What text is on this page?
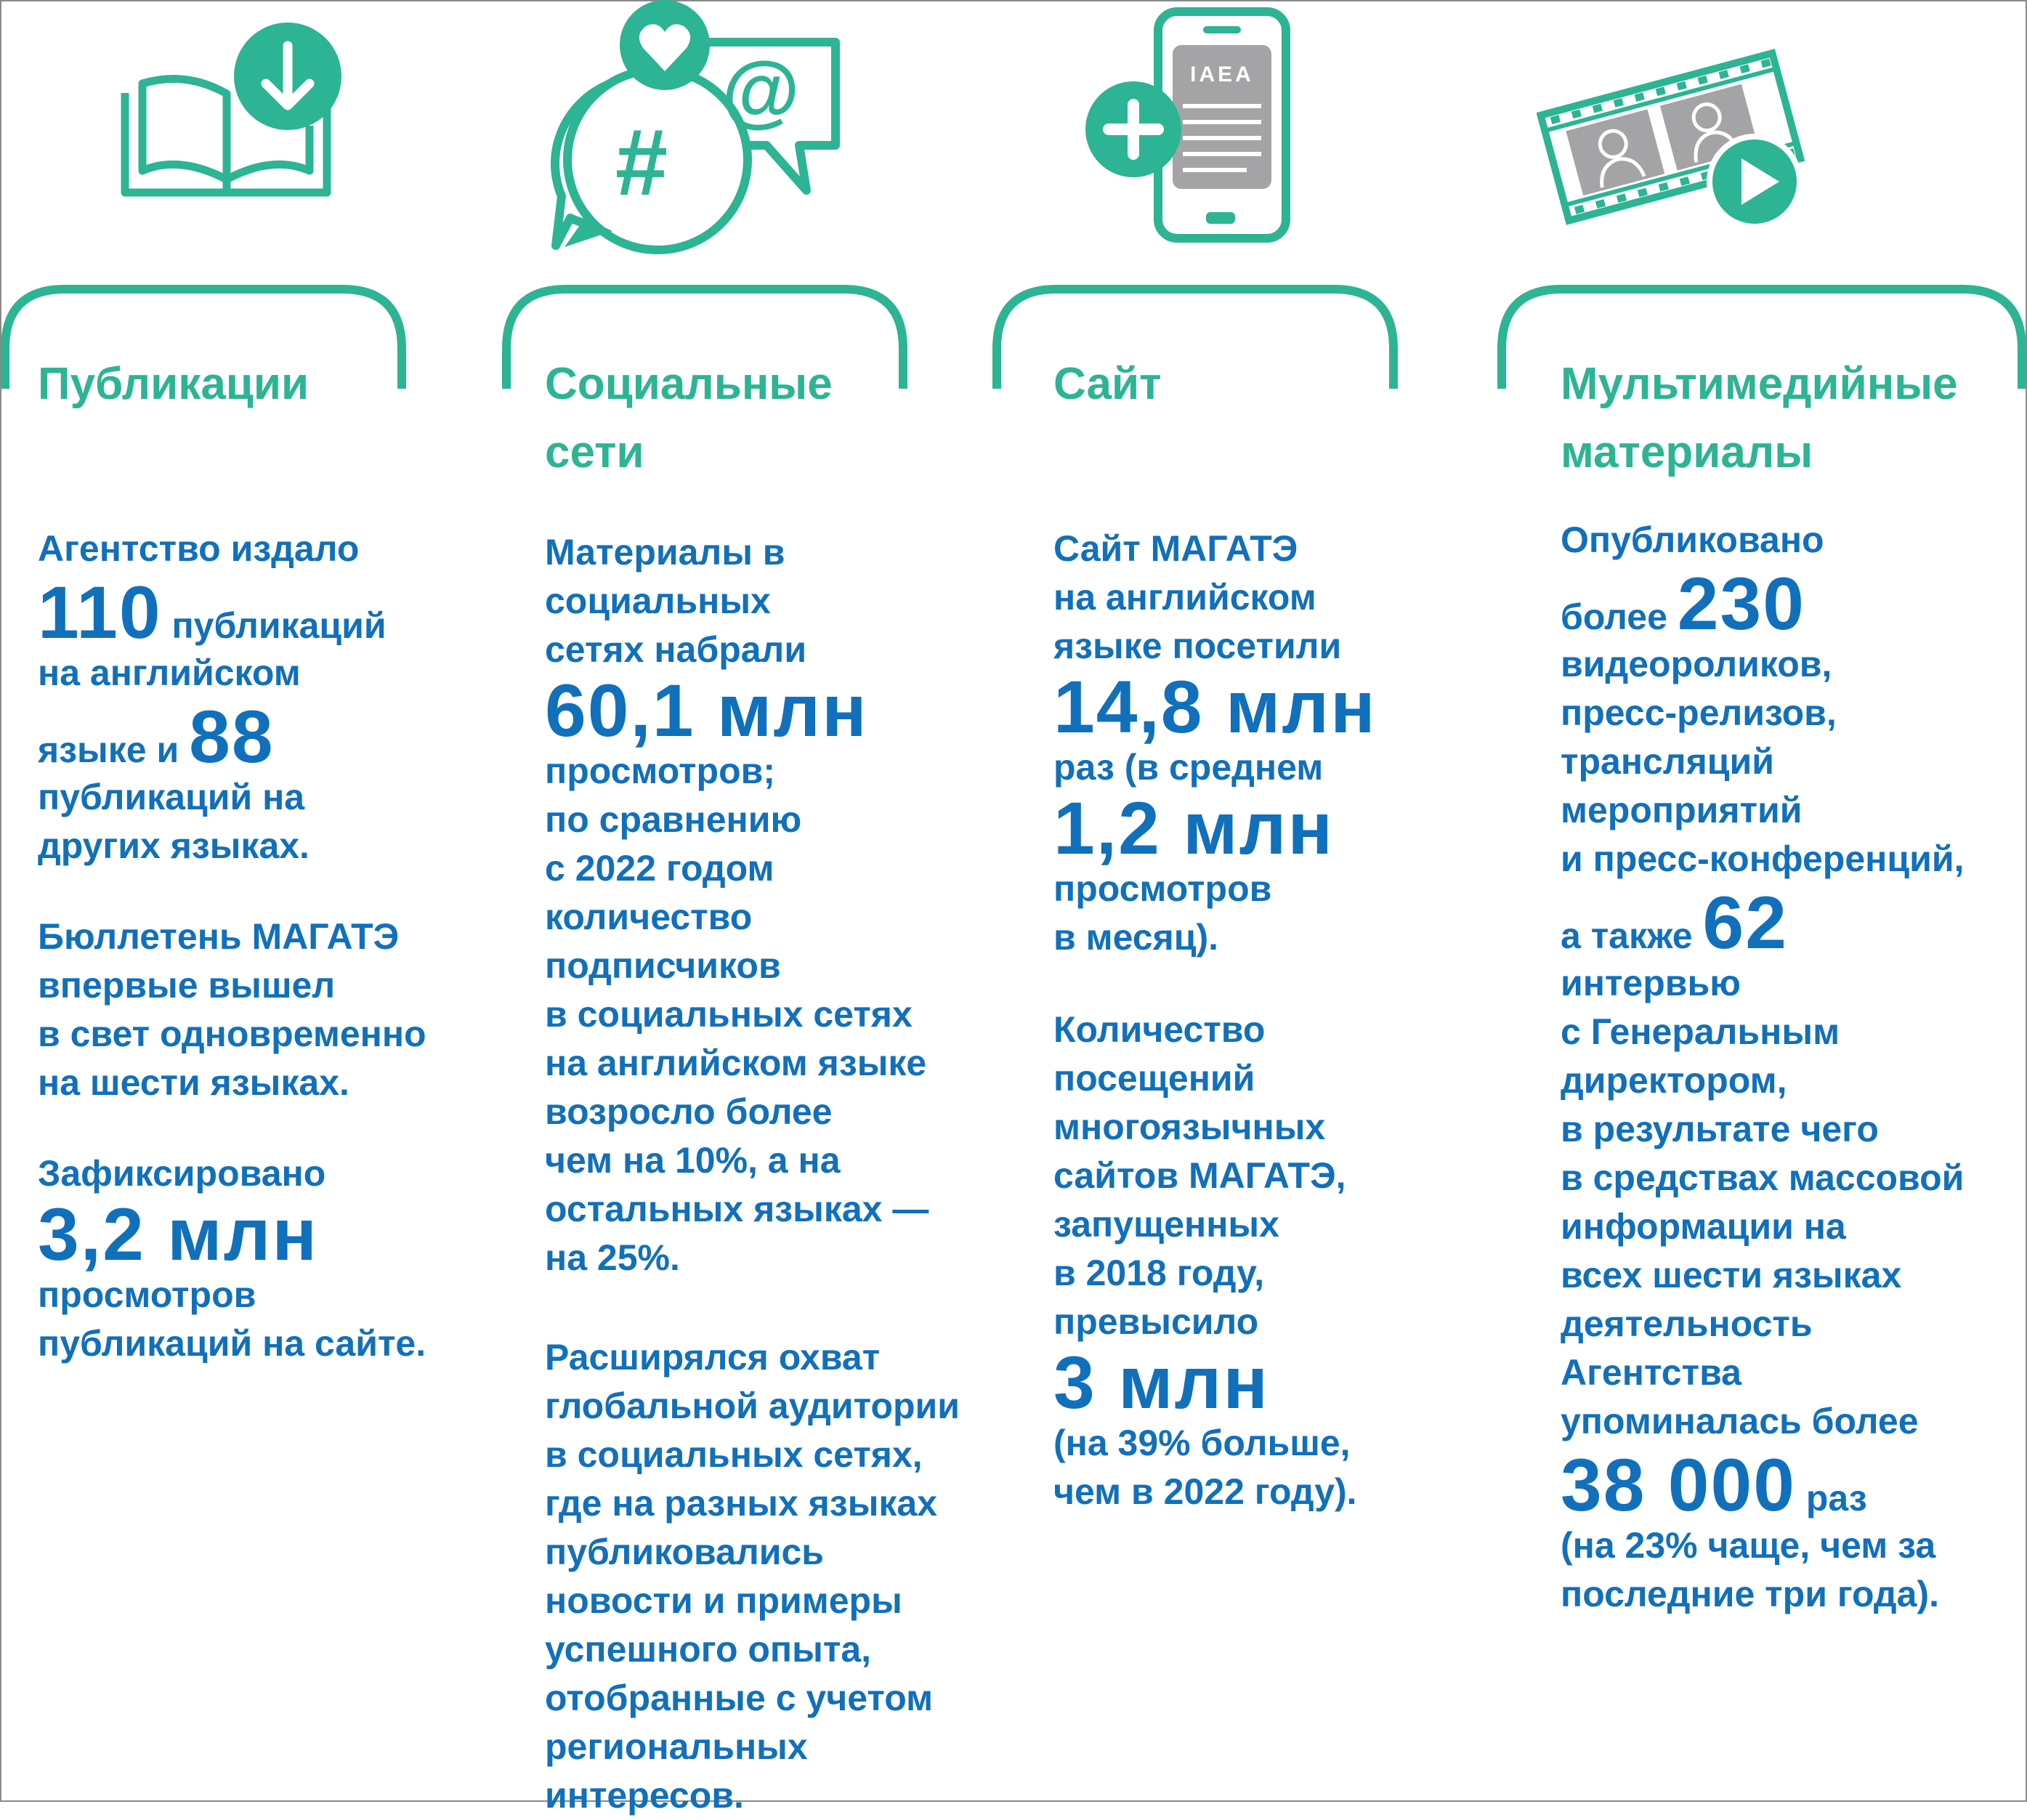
@
#
IAEA
Публикации	Социальные
сети
Сайт	Мультимедийные
материалы

Агентство издало
110 публикаций
на английском
языке и 88
публикаций на
других языках.

Бюллетень МАГАТЭ
впервые вышел
в свет одновременно
на шести языках.

Зафиксировано
3,2 млн
просмотров
публикаций на сайте.

Материалы в
социальных
сетях набрали
60,1 млн
просмотров;
по сравнению
с 2022 годом
количество
подписчиков
в социальных сетях
на английском языке
возросло более
чем на 10%, а на
остальных языках —
на 25%.

Расширялся охват
глобальной аудитории
в социальных сетях,
где на разных языках
публиковались
новости и примеры
успешного опыта,
отобранные с учетом
региональных
интересов.

Сайт МАГАТЭ
на английском
языке посетили
14,8 млн
раз (в среднем
1,2 млн
просмотров
в месяц).

Количество
посещений
многоязычных
сайтов МАГАТЭ,
запущенных
в 2018 году,
превысило
3 млн
(на 39% больше,
чем в 2022 году).

Опубликовано
более 230
видеороликов,
пресс-релизов,
трансляций
мероприятий
и пресс-конференций,
а также 62
интервью
с Генеральным
директором,
в результате чего
в средствах массовой
информации на
всех шести языках
деятельность
Агентства
упоминалась более
38 000 раз
(на 23% чаще, чем за
последние три года).
